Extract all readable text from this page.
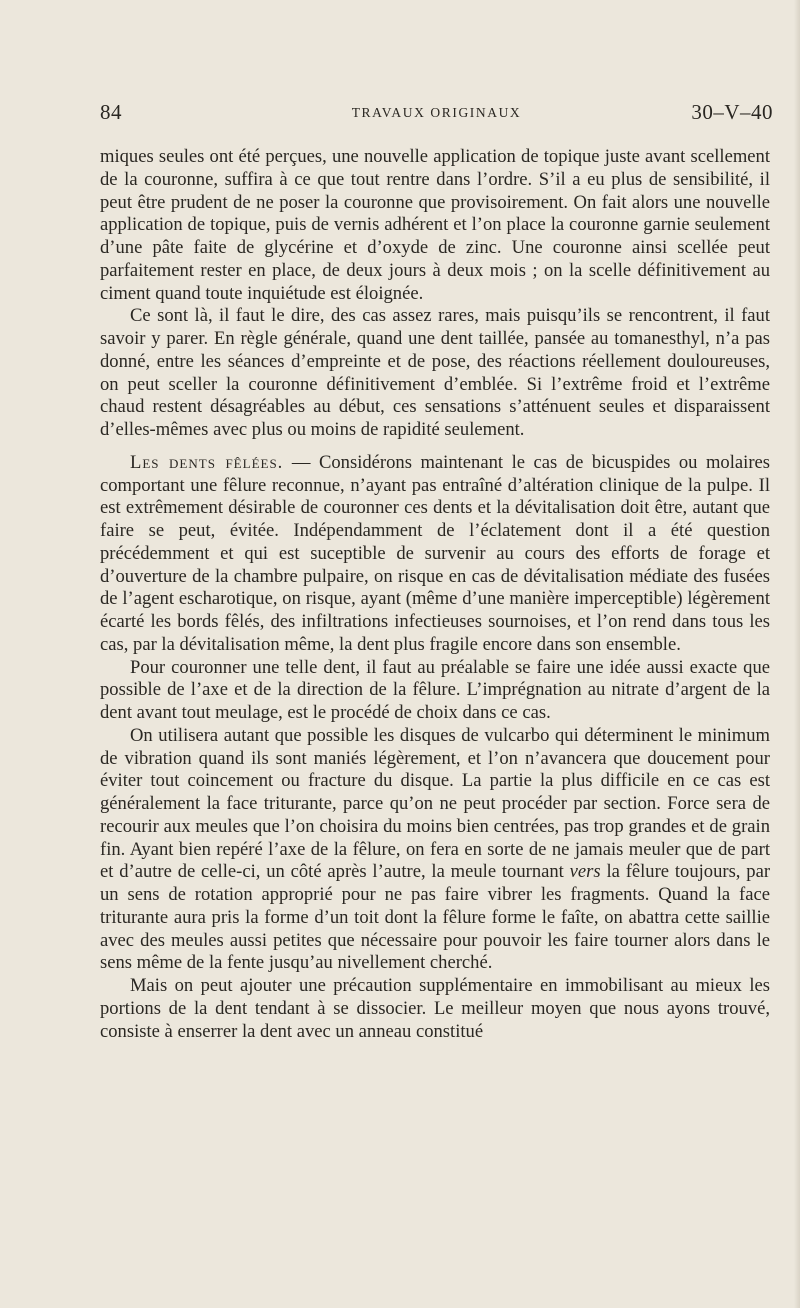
84	TRAVAUX ORIGINAUX	30–V–40

miques seules ont été perçues, une nouvelle application de topique juste avant scellement de la couronne, suffira à ce que tout rentre dans l’ordre. S’il a eu plus de sensibilité, il peut être prudent de ne poser la couronne que provisoirement. On fait alors une nouvelle application de topique, puis de vernis adhérent et l’on place la couronne garnie seulement d’une pâte faite de glycérine et d’oxyde de zinc. Une couronne ainsi scellée peut parfaitement rester en place, de deux jours à deux mois ; on la scelle définitivement au ciment quand toute inquiétude est éloignée.

Ce sont là, il faut le dire, des cas assez rares, mais puisqu’ils se rencontrent, il faut savoir y parer. En règle générale, quand une dent taillée, pansée au tomanesthyl, n’a pas donné, entre les séances d’empreinte et de pose, des réactions réellement douloureuses, on peut sceller la couronne définitivement d’emblée. Si l’extrême froid et l’extrême chaud restent désagréables au début, ces sensations s’atténuent seules et disparaissent d’elles-mêmes avec plus ou moins de rapidité seulement.

Les dents fêlées. — Considérons maintenant le cas de bicuspides ou molaires comportant une fêlure reconnue, n’ayant pas entraîné d’altération clinique de la pulpe. Il est extrêmement désirable de couronner ces dents et la dévitalisation doit être, autant que faire se peut, évitée. Indépendamment de l’éclatement dont il a été question précédemment et qui est suceptible de survenir au cours des efforts de forage et d’ouverture de la chambre pulpaire, on risque en cas de dévitalisation médiate des fusées de l’agent escharotique, on risque, ayant (même d’une manière imperceptible) légèrement écarté les bords fêlés, des infiltrations infectieuses sournoises, et l’on rend dans tous les cas, par la dévitalisation même, la dent plus fragile encore dans son ensemble.

Pour couronner une telle dent, il faut au préalable se faire une idée aussi exacte que possible de l’axe et de la direction de la fêlure. L’imprégnation au nitrate d’argent de la dent avant tout meulage, est le procédé de choix dans ce cas.

On utilisera autant que possible les disques de vulcarbo qui déterminent le minimum de vibration quand ils sont maniés légèrement, et l’on n’avancera que doucement pour éviter tout coincement ou fracture du disque. La partie la plus difficile en ce cas est généralement la face triturante, parce qu’on ne peut procéder par section. Force sera de recourir aux meules que l’on choisira du moins bien centrées, pas trop grandes et de grain fin. Ayant bien repéré l’axe de la fêlure, on fera en sorte de ne jamais meuler que de part et d’autre de celle-ci, un côté après l’autre, la meule tournant vers la fêlure toujours, par un sens de rotation approprié pour ne pas faire vibrer les fragments. Quand la face triturante aura pris la forme d’un toit dont la fêlure forme le faîte, on abattra cette saillie avec des meules aussi petites que nécessaire pour pouvoir les faire tourner alors dans le sens même de la fente jusqu’au nivellement cherché.

Mais on peut ajouter une précaution supplémentaire en immobilisant au mieux les portions de la dent tendant à se dissocier. Le meilleur moyen que nous ayons trouvé, consiste à enserrer la dent avec un anneau constitué
